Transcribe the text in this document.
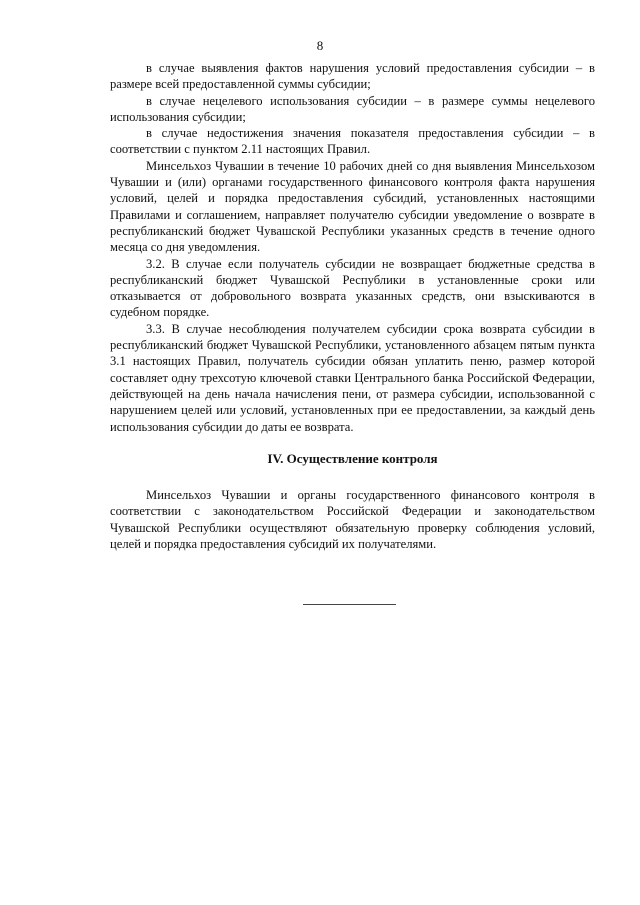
8

в случае выявления фактов нарушения условий предоставления субсидии – в размере всей предоставленной суммы субсидии;

в случае нецелевого использования субсидии – в размере суммы нецелевого использования субсидии;

в случае недостижения значения показателя предоставления субсидии – в соответствии с пунктом 2.11 настоящих Правил.

Минсельхоз Чувашии в течение 10 рабочих дней со дня выявления Минсельхозом Чувашии и (или) органами государственного финансового контроля факта нарушения условий, целей и порядка предоставления субсидий, установленных настоящими Правилами и соглашением, направляет получателю субсидии уведомление о возврате в республиканский бюджет Чувашской Республики указанных средств в течение одного месяца со дня уведомления.

3.2. В случае если получатель субсидии не возвращает бюджетные средства в республиканский бюджет Чувашской Республики в установленные сроки или отказывается от добровольного возврата указанных средств, они взыскиваются в судебном порядке.

3.3. В случае несоблюдения получателем субсидии срока возврата субсидии в республиканский бюджет Чувашской Республики, установленного абзацем пятым пункта 3.1 настоящих Правил, получатель субсидии обязан уплатить пеню, размер которой составляет одну трехсотую ключевой ставки Центрального банка Российской Федерации, действующей на день начала начисления пени, от размера субсидии, использованной с нарушением целей или условий, установленных при ее предоставлении, за каждый день использования субсидии до даты ее возврата.

IV. Осуществление контроля

Минсельхоз Чувашии и органы государственного финансового контроля в соответствии с законодательством Российской Федерации и законодательством Чувашской Республики осуществляют обязательную проверку соблюдения условий, целей и порядка предоставления субсидий их получателями.
